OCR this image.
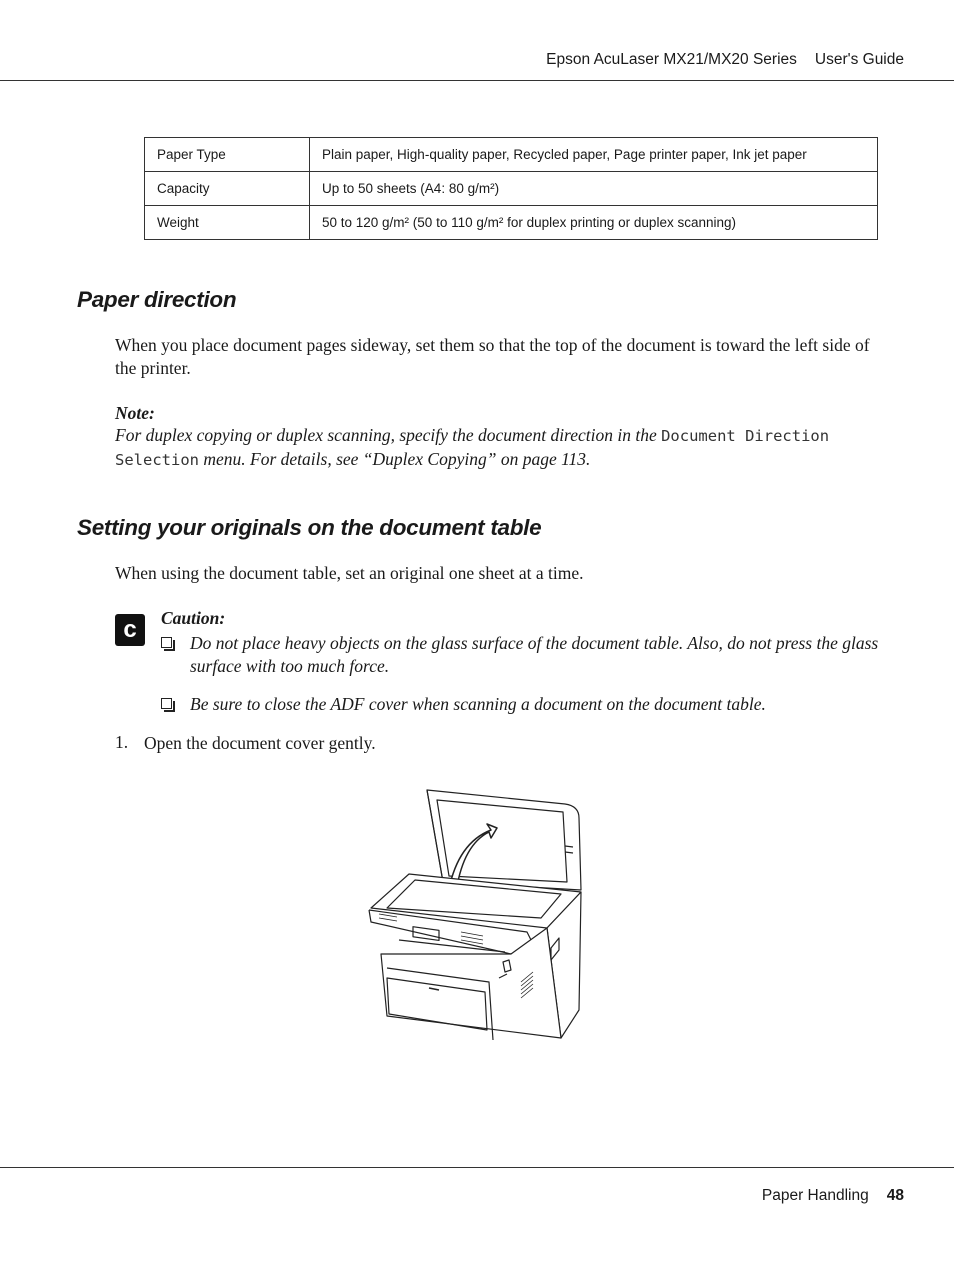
Epson AcuLaser MX21/MX20 Series User's Guide
Paper Type	Plain paper, High-quality paper, Recycled paper, Page printer paper, Ink jet paper
Capacity	Up to 50 sheets (A4: 80 g/m²)
Weight	50 to 120 g/m² (50 to 110 g/m² for duplex printing or duplex scanning)
Paper direction

When you place document pages sideway, set them so that the top of the document is toward the left side of the printer.

Note:

For duplex copying or duplex scanning, specify the document direction in the Document Direction Selection menu. For details, see “Duplex Copying” on page 113.

Setting your originals on the document table

When using the document table, set an original one sheet at a time.

c	Caution:
Do not place heavy objects on the glass surface of the document table. Also, do not press the glass surface with too much force.
Be sure to close the ADF cover when scanning a document on the document table.
1. Open the document cover gently.
Paper Handling 48
